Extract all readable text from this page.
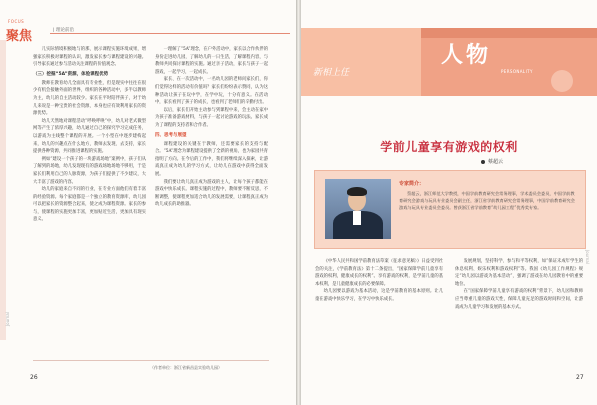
FOCUS
聚焦	| 理论前沿

儿实际情境积极地与的那，展示课程实施环境成果，增强家长积极对课程的认识，激发家长参与课程建设的兴趣。引导家长通过参与活动关注课程的价值观念。

（三）挖掘“5A”资源，体验课程优势

教师在教育幼儿全面具有专业性，但是现实中往往在很少有机会接触外面的世界，组织的各种活动中，多半以教师为主，幼儿的自主活动较少。家长在平时陪伴孩子，对于幼儿来说是一种宝贵的社会资源，本身也应有效利用家长的资源优势。

幼儿天然地对课程活动“呼唤呼唤”中，幼儿对老式微型网等产生了浓厚兴趣，幼儿通过自己的探究学习完成任务，以游戏为主线整个课程的开展。一个小型在中逐步建构起来，幼儿的兴趣点在什么地方，教师去发现、去支持，家长提供各种资源，共同推进课程的实施。

例如“建设一个孩子的一块游戏场地”案例中，孩子们从了解到的场地，幼儿发现现有的游戏场地场地不够用，于是家长们利用自己的人脉资源，为孩子们提供了不少建议，大大丰富了游戏的内容。

幼儿的家庭来自不同的行业，在专业方面他们有着丰富的经验资源。每个家庭都是一个独立的教育资源库，幼儿园可以把家长的资源整合起来，使之成为课程资源。家长的参与，使课程的实施更加丰富，更加贴近生活，更加具有现实意义。

一理解了“5A”理念，在户外活动中，家长以合作伙伴的身份走进幼儿园，了解幼儿的一日生活，了解课程内容，与教师共同探讨课程的实施。通过亲子活动，家长与孩子一起游戏，一起学习，一起成长。

家长、在一次活动中，一名幼儿园的老师问家长们，你们觉得这样的活动有价值吗？家长们纷纷表示赞同，认为这种活动让孩子在玩中学，在学中玩，十分有意义。在活动中，家长看到了孩子的成长，也看到了老师们的辛勤付出。

以后，家长们开始主动参与到课程中来，会主动在家中为孩子准备游戏材料，与孩子一起讨论游戏的玩法。家长成为了课程的支持者和合作者。

四、思考与展望

课程建设的关键在于教师，还需要家长的支持与配合。“5A”理念为课程建设提供了全新的视角，也为家园共育指明了方向。在今后的工作中，我们将继续深入探索，让游戏真正成为幼儿的学习方式，让幼儿在游戏中获得全面发展。

我们要让幼儿真正成为游戏的主人，让每个孩子都能在游戏中快乐成长。课程实施的过程中，教师要不断反思，不断调整，使课程更加适合幼儿的发展需要，让课程真正成为幼儿成长的助推器。

（作者单位：浙江省新昌县实验幼儿园）
26
Journal
新相上任
人物
PERSONALITY
学前儿童享有游戏的权利
蔡超云
专家简介：
蔡超云，浙江师范大学教授，中国学前教育研究会常务理事，学术委员会委员，中国学前教育研究会游戏与玩具专业委员会副主任，浙江省学前教育研究会常务理事，中国学前教育研究会游戏与玩具专业委员会委员。曾获浙江省学前教育“幼儿园工程”优秀奖专家。

《中华人民共和国学前教育法草案（征求意见稿）》日益受到社会的关注，《学前教育法》第十二条提出，“国家保障学前儿童享有游戏的权利，健康成长的权利”。享有游戏的权利，是学前儿童的基本权利，是儿童健康成长的必要保障。

幼儿园要以游戏为基本活动，这是学前教育的基本原则。让儿童在游戏中快乐学习，在学习中快乐成长。

发展规划，坚持科学、参与和平等权利，如“保证未成年学生的休息权利、娱乐权利和游戏权利”等。我国《幼儿园工作规程》规定“幼儿园以游戏为基本活动”，强调了游戏在幼儿园教育中的重要地位。

在“国家保障学前儿童享有游戏的权利”背景下，幼儿园和教师应当尊重儿童的游戏天性，保障儿童充足的游戏时间和空间，让游戏成为儿童学习和发展的基本方式。

27
Journal
